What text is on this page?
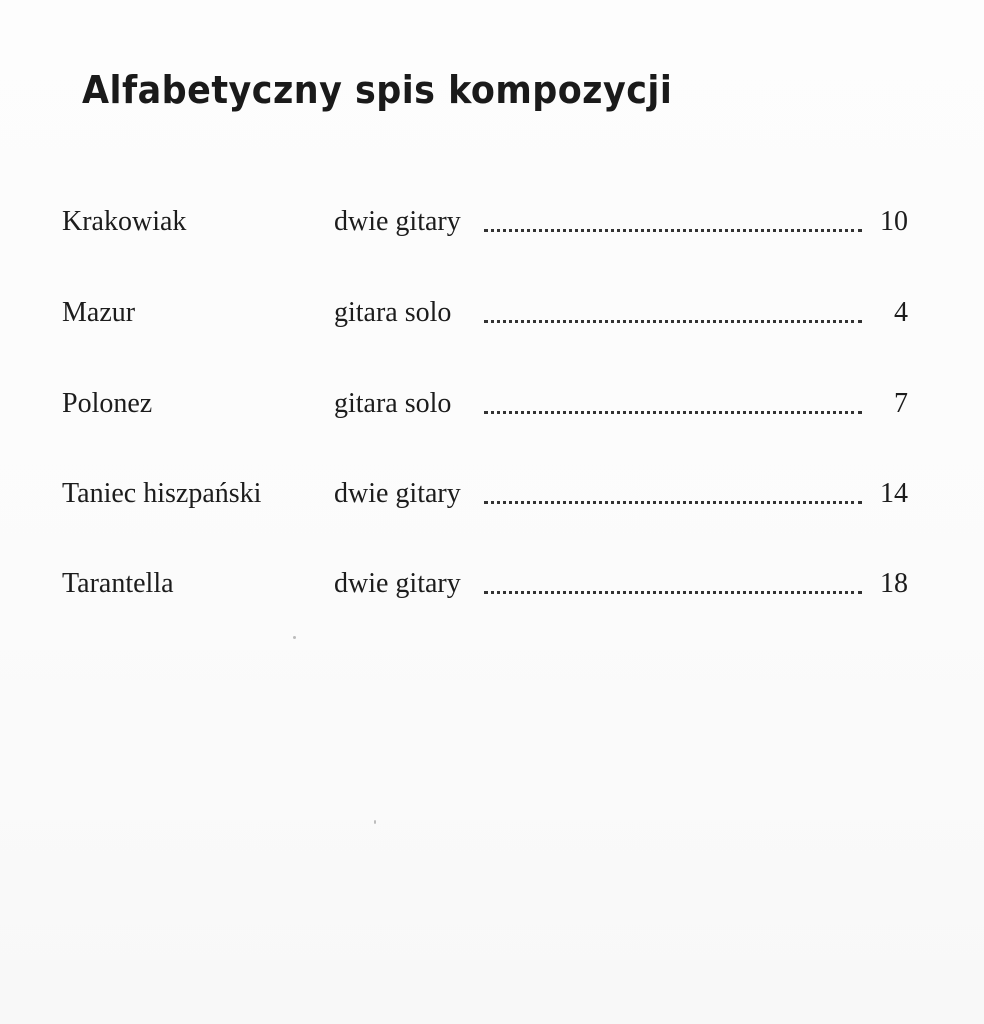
Alfabetyczny spis kompozycji
Krakowiak	dwie gitary	10
Mazur	gitara solo	4
Polonez	gitara solo	7
Taniec hiszpański	dwie gitary	14
Tarantella	dwie gitary	18
